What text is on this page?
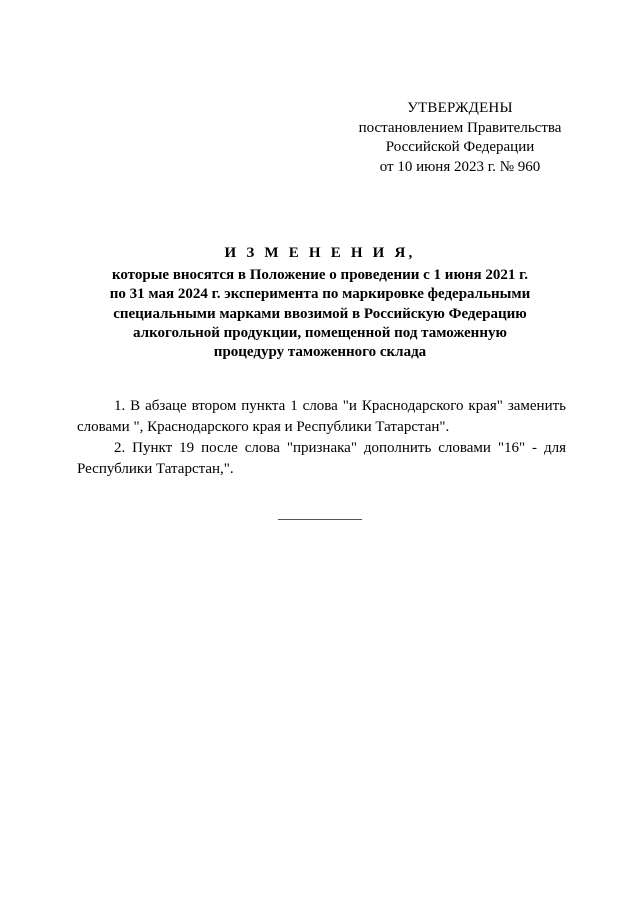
УТВЕРЖДЕНЫ
постановлением Правительства
Российской Федерации
от 10 июня 2023 г. № 960
И З М Е Н Е Н И Я,
которые вносятся в Положение о проведении с 1 июня 2021 г.
по 31 мая 2024 г. эксперимента по маркировке федеральными
специальными марками ввозимой в Российскую Федерацию
алкогольной продукции, помещенной под таможенную
процедуру таможенного склада

1. В абзаце втором пункта 1 слова "и Краснодарского края" заменить словами ", Краснодарского края и Республики Татарстан".

2. Пункт 19 после слова "признака" дополнить словами "16" - для Республики Татарстан,".
